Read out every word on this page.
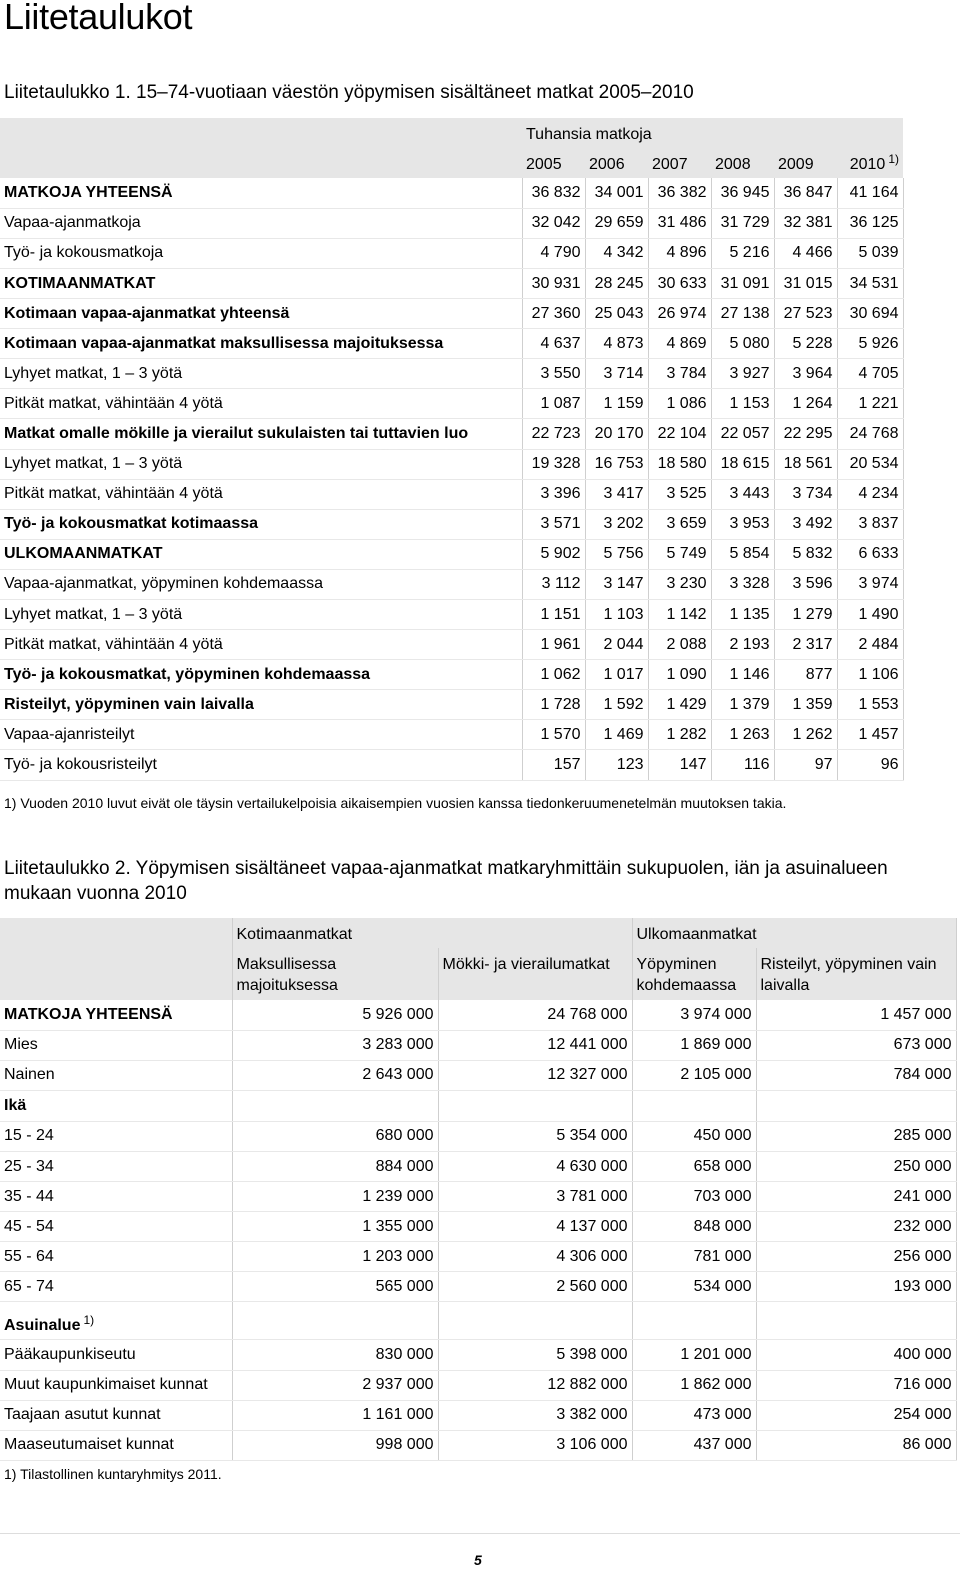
Liitetaulukot

Liitetaulukko 1. 15–74-vuotiaan väestön yöpymisen sisältäneet matkat 2005–2010

	Tuhansia matkoja					
	2005	2006	2007	2008	2009	2010 $^{1)}$
MATKOJA YHTEENSÄ	36 832	34 001	36 382	36 945	36 847	41 164
Vapaa-ajanmatkoja	32 042	29 659	31 486	31 729	32 381	36 125
Työ- ja kokousmatkoja	4 790	4 342	4 896	5 216	4 466	5 039
KOTIMAANMATKAT	30 931	28 245	30 633	31 091	31 015	34 531
Kotimaan vapaa-ajanmatkat yhteensä	27 360	25 043	26 974	27 138	27 523	30 694
Kotimaan vapaa-ajanmatkat maksullisessa majoituksessa	4 637	4 873	4 869	5 080	5 228	5 926
Lyhyet matkat, 1 – 3 yötä	3 550	3 714	3 784	3 927	3 964	4 705
Pitkät matkat, vähintään 4 yötä	1 087	1 159	1 086	1 153	1 264	1 221
Matkat omalle mökille ja vierailut sukulaisten tai tuttavien luo	22 723	20 170	22 104	22 057	22 295	24 768
Lyhyet matkat, 1 – 3 yötä	19 328	16 753	18 580	18 615	18 561	20 534
Pitkät matkat, vähintään 4 yötä	3 396	3 417	3 525	3 443	3 734	4 234
Työ- ja kokousmatkat kotimaassa	3 571	3 202	3 659	3 953	3 492	3 837
ULKOMAANMATKAT	5 902	5 756	5 749	5 854	5 832	6 633
Vapaa-ajanmatkat, yöpyminen kohdemaassa	3 112	3 147	3 230	3 328	3 596	3 974
Lyhyet matkat, 1 – 3 yötä	1 151	1 103	1 142	1 135	1 279	1 490
Pitkät matkat, vähintään 4 yötä	1 961	2 044	2 088	2 193	2 317	2 484
Työ- ja kokousmatkat, yöpyminen kohdemaassa	1 062	1 017	1 090	1 146	877	1 106
Risteilyt, yöpyminen vain laivalla	1 728	1 592	1 429	1 379	1 359	1 553
Vapaa-ajanristeilyt	1 570	1 469	1 282	1 263	1 262	1 457
Työ- ja kokousristeilyt	157	123	147	116	97	96
1) Vuoden 2010 luvut eivät ole täysin vertailukelpoisia aikaisempien vuosien kanssa tiedonkeruumenetelmän muutoksen takia.

Liitetaulukko 2. Yöpymisen sisältäneet vapaa-ajanmatkat matkaryhmittäin sukupuolen, iän ja asuinalueen mukaan vuonna 2010

	Kotimaanmatkat		Ulkomaanmatkat	
	Maksullisessa majoituksessa	Mökki- ja vierailumatkat	Yöpyminen kohdemaassa	Risteilyt, yöpyminen vain laivalla
MATKOJA YHTEENSÄ	5 926 000	24 768 000	3 974 000	1 457 000
Mies	3 283 000	12 441 000	1 869 000	673 000
Nainen	2 643 000	12 327 000	2 105 000	784 000
Ikä				
15 - 24	680 000	5 354 000	450 000	285 000
25 - 34	884 000	4 630 000	658 000	250 000
35 - 44	1 239 000	3 781 000	703 000	241 000
45 - 54	1 355 000	4 137 000	848 000	232 000
55 - 64	1 203 000	4 306 000	781 000	256 000
65 - 74	565 000	2 560 000	534 000	193 000
Asuinalue $^{1)}$				
Pääkaupunkiseutu	830 000	5 398 000	1 201 000	400 000
Muut kaupunkimaiset kunnat	2 937 000	12 882 000	1 862 000	716 000
Taajaan asutut kunnat	1 161 000	3 382 000	473 000	254 000
Maaseutumaiset kunnat	998 000	3 106 000	437 000	86 000
1) Tilastollinen kuntaryhmitys 2011.
5
